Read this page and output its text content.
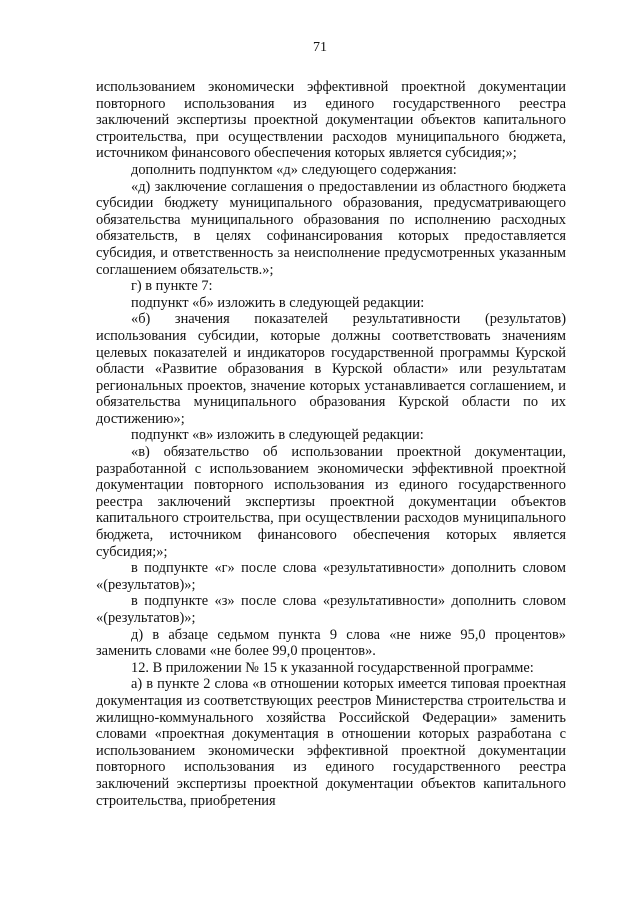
71

использованием экономически эффективной проектной документации повторного использования из единого государственного реестра заключений экспертизы проектной документации объектов капитального строительства, при осуществлении расходов муниципального бюджета, источником финансового обеспечения которых является субсидия;»;

дополнить подпунктом «д» следующего содержания:

«д) заключение соглашения о предоставлении из областного бюджета субсидии бюджету муниципального образования, предусматривающего обязательства муниципального образования по исполнению расходных обязательств, в целях софинансирования которых предоставляется субсидия, и ответственность за неисполнение предусмотренных указанным соглашением обязательств.»;

г) в пункте 7:

подпункт «б» изложить в следующей редакции:

«б) значения показателей результативности (результатов) использования субсидии, которые должны соответствовать значениям целевых показателей и индикаторов государственной программы Курской области «Развитие образования в Курской области» или результатам региональных проектов, значение которых устанавливается соглашением, и обязательства муниципального образования Курской области по их достижению»;

подпункт «в» изложить в следующей редакции:

«в) обязательство об использовании проектной документации, разработанной с использованием экономически эффективной проектной документации повторного использования из единого государственного реестра заключений экспертизы проектной документации объектов капитального строительства, при осуществлении расходов муниципального бюджета, источником финансового обеспечения которых является субсидия;»;

в подпункте «г» после слова «результативности» дополнить словом «(результатов)»;

в подпункте «з» после слова «результативности» дополнить словом «(результатов)»;

д) в абзаце седьмом пункта 9 слова «не ниже 95,0 процентов» заменить словами «не более 99,0 процентов».

12. В приложении № 15 к указанной государственной программе:

а) в пункте 2 слова «в отношении которых имеется типовая проектная документация из соответствующих реестров Министерства строительства и жилищно-коммунального хозяйства Российской Федерации» заменить словами «проектная документация в отношении которых разработана с использованием экономически эффективной проектной документации повторного использования из единого государственного реестра заключений экспертизы проектной документации объектов капитального строительства, приобретения
